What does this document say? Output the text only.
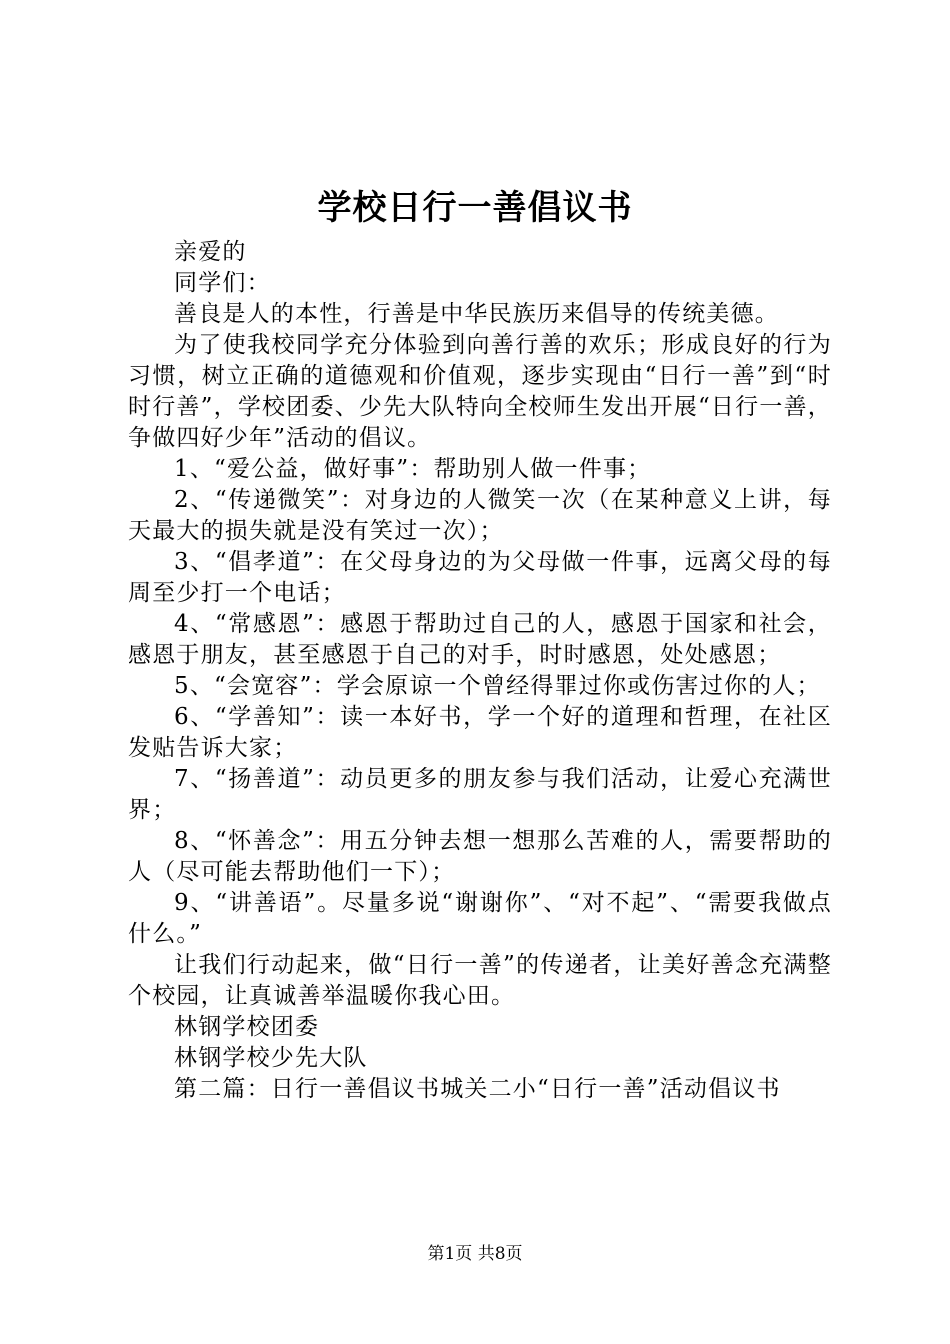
学校日行一善倡议书

亲爱的

同学们：

善良是人的本性，行善是中华民族历来倡导的传统美德。

为了使我校同学充分体验到向善行善的欢乐；形成良好的行为习惯，树立正确的道德观和价值观，逐步实现由“日行一善”到“时时行善”，学校团委、少先大队特向全校师生发出开展“日行一善，争做四好少年”活动的倡议。

1、“爱公益，做好事”：帮助别人做一件事；

2、“传递微笑”：对身边的人微笑一次（在某种意义上讲，每天最大的损失就是没有笑过一次）；

3、“倡孝道”：在父母身边的为父母做一件事，远离父母的每周至少打一个电话；

4、“常感恩”：感恩于帮助过自己的人，感恩于国家和社会，感恩于朋友，甚至感恩于自己的对手，时时感恩，处处感恩；

5、“会宽容”：学会原谅一个曾经得罪过你或伤害过你的人；

6、“学善知”：读一本好书，学一个好的道理和哲理，在社区发贴告诉大家；

7、“扬善道”：动员更多的朋友参与我们活动，让爱心充满世界；

8、“怀善念”：用五分钟去想一想那么苦难的人，需要帮助的人（尽可能去帮助他们一下）；

9、“讲善语”。尽量多说“谢谢你”、“对不起”、“需要我做点什么。”

让我们行动起来，做“日行一善”的传递者，让美好善念充满整个校园，让真诚善举温暖你我心田。

林钢学校团委

林钢学校少先大队

第二篇：日行一善倡议书城关二小“日行一善”活动倡议书

第1页 共8页
